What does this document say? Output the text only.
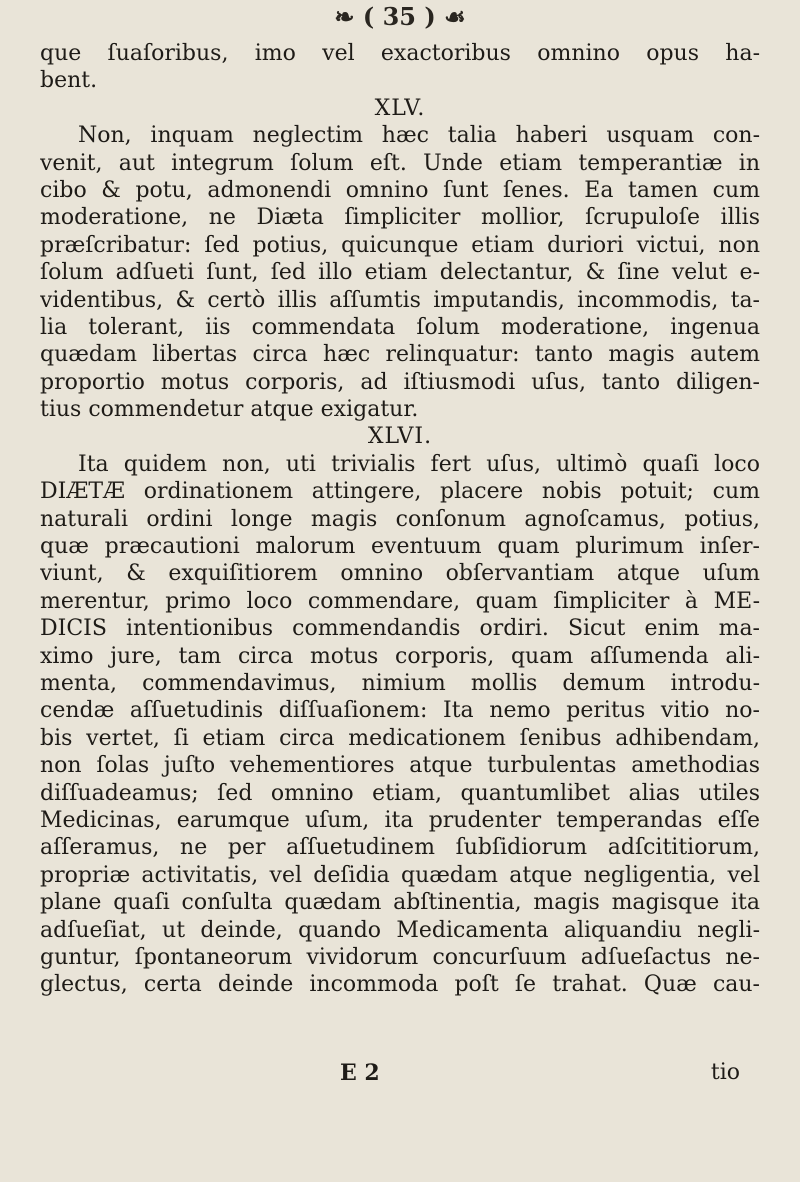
❧ ( 35 ) ☙
que ſuaſoribus, imo vel exactoribus omnino opus ha-
bent.
XLV.
Non, inquam neglectim hæc talia haberi usquam con-
venit, aut integrum ſolum eſt. Unde etiam temperantiæ in
cibo & potu, admonendi omnino ſunt ſenes. Ea tamen cum
moderatione, ne Diæta ſimpliciter mollior, ſcrupuloſe illis
præſcribatur: ſed potius, quicunque etiam duriori victui, non
ſolum adſueti ſunt, ſed illo etiam delectantur, & ſine velut e-
videntibus, & certò illis aſſumtis imputandis, incommodis, ta-
lia tolerant, iis commendata ſolum moderatione, ingenua
quædam libertas circa hæc relinquatur: tanto magis autem
proportio motus corporis, ad iſtiusmodi uſus, tanto diligen-
tius commendetur atque exigatur.
XLVI.
Ita quidem non, uti trivialis fert uſus, ultimò quaſi loco
DIÆTÆ ordinationem attingere, placere nobis potuit; cum
naturali ordini longe magis conſonum agnoſcamus, potius,
quæ præcautioni malorum eventuum quam plurimum inſer-
viunt, & exquiſitiorem omnino obſervantiam atque uſum
merentur, primo loco commendare, quam ſimpliciter à ME-
DICIS intentionibus commendandis ordiri. Sicut enim ma-
ximo jure, tam circa motus corporis, quam aſſumenda ali-
menta, commendavimus, nimium mollis demum introdu-
cendæ aſſuetudinis diſſuaſionem: Ita nemo peritus vitio no-
bis vertet, ſi etiam circa medicationem ſenibus adhibendam,
non ſolas juſto vehementiores atque turbulentas amethodias
diſſuadeamus; ſed omnino etiam, quantumlibet alias utiles
Medicinas, earumque uſum, ita prudenter temperandas eſſe
aſſeramus, ne per aſſuetudinem ſubſidiorum adſcititiorum,
propriæ activitatis, vel deſidia quædam atque negligentia, vel
plane quaſi conſulta quædam abſtinentia, magis magisque ita
adſueſiat, ut deinde, quando Medicamenta aliquandiu negli-
guntur, ſpontaneorum vividorum concurſuum adſueſactus ne-
glectus, certa deinde incommoda poſt ſe trahat. Quæ cau-
E 2	tio
